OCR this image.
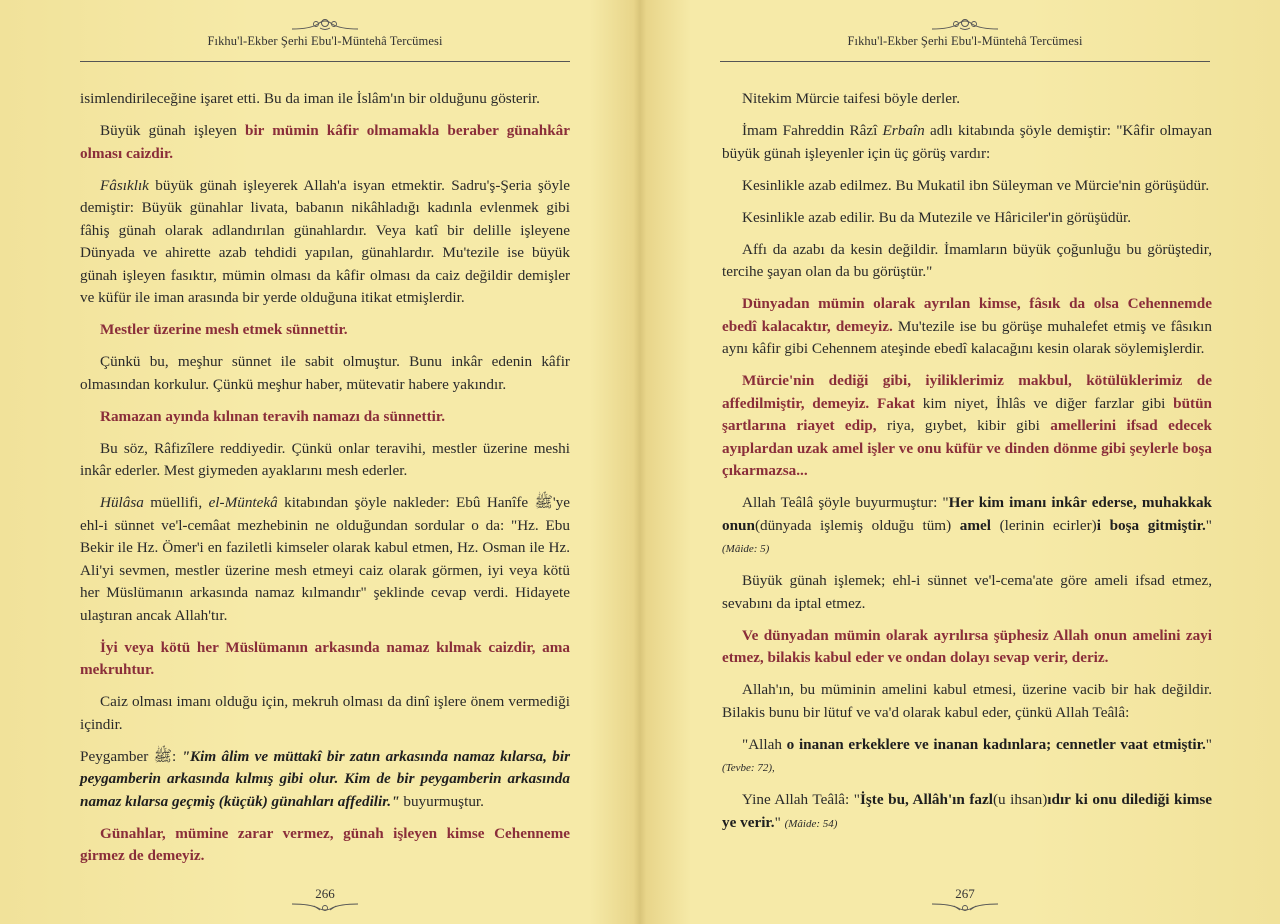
Fıkhu'l-Ekber Şerhi Ebu'l-Müntehâ Tercümesi

isimlendirileceğine işaret etti. Bu da iman ile İslâm'ın bir olduğunu gösterir.

Büyük günah işleyen bir mümin kâfir olmamakla beraber günahkâr olması caizdir.

Fâsıklık büyük günah işleyerek Allah'a isyan etmektir. Sadru'ş-Şeria şöyle demiştir: Büyük günahlar livata, babanın nikâhladığı kadınla evlenmek gibi fâhiş günah olarak adlandırılan günahlardır. Veya katî bir delille işleyene Dünyada ve ahirette azab tehdidi yapılan, günahlardır. Mu'tezile ise büyük günah işleyen fasıktır, mümin olması da kâfir olması da caiz değildir demişler ve küfür ile iman arasında bir yerde olduğuna itikat etmişlerdir.

Mestler üzerine mesh etmek sünnettir.

Çünkü bu, meşhur sünnet ile sabit olmuştur. Bunu inkâr edenin kâfir olmasından korkulur. Çünkü meşhur haber, mütevatir habere yakındır.

Ramazan ayında kılınan teravih namazı da sünnettir.

Bu söz, Râfizîlere reddiyedir. Çünkü onlar teravihi, mestler üzerine meshi inkâr ederler. Mest giymeden ayaklarını mesh ederler.

Hülâsa müellifi, el-Müntekâ kitabından şöyle nakleder: Ebû Hanîfe ﷺ'ye ehl-i sünnet ve'l-cemâat mezhebinin ne olduğundan sordular o da: "Hz. Ebu Bekir ile Hz. Ömer'i en faziletli kimseler olarak kabul etmen, Hz. Osman ile Hz. Ali'yi sevmen, mestler üzerine mesh etmeyi caiz olarak görmen, iyi veya kötü her Müslümanın arkasında namaz kılmandır" şeklinde cevap verdi. Hidayete ulaştıran ancak Allah'tır.

İyi veya kötü her Müslümanın arkasında namaz kılmak caizdir, ama mekruhtur.

Caiz olması imanı olduğu için, mekruh olması da dinî işlere önem vermediği içindir.

Peygamber ﷺ: "Kim âlim ve müttakî bir zatın arkasında namaz kılarsa, bir peygamberin arkasında kılmış gibi olur. Kim de bir peygamberin arkasında namaz kılarsa geçmiş (küçük) günahları affedilir." buyurmuştur.

Günahlar, mümine zarar vermez, günah işleyen kimse Cehenneme girmez de demeyiz.

266
Fıkhu'l-Ekber Şerhi Ebu'l-Müntehâ Tercümesi

Nitekim Mürcie taifesi böyle derler.

İmam Fahreddin Râzî Erbaîn adlı kitabında şöyle demiştir: "Kâfir olmayan büyük günah işleyenler için üç görüş vardır:

Kesinlikle azab edilmez. Bu Mukatil ibn Süleyman ve Mürcie'nin görüşüdür.

Kesinlikle azab edilir. Bu da Mutezile ve Hâriciler'in görüşüdür.

Affı da azabı da kesin değildir. İmamların büyük çoğunluğu bu görüştedir, tercihe şayan olan da bu görüştür."

Dünyadan mümin olarak ayrılan kimse, fâsık da olsa Cehennemde ebedî kalacaktır, demeyiz. Mu'tezile ise bu görüşe muhalefet etmiş ve fâsıkın aynı kâfir gibi Cehennem ateşinde ebedî kalacağını kesin olarak söylemişlerdir.

Mürcie'nin dediği gibi, iyiliklerimiz makbul, kötülüklerimiz de affedilmiştir, demeyiz. Fakat kim niyet, İhlâs ve diğer farzlar gibi bütün şartlarına riayet edip, riya, gıybet, kibir gibi amellerini ifsad edecek ayıplardan uzak amel işler ve onu küfür ve dinden dönme gibi şeylerle boşa çıkarmazsa...

Allah Teâlâ şöyle buyurmuştur: "Her kim imanı inkâr ederse, muhakkak onun(dünyada işlemiş olduğu tüm) amel (lerinin ecirler)i boşa gitmiştir." (Mâide: 5)

Büyük günah işlemek; ehl-i sünnet ve'l-cema'ate göre ameli ifsad etmez, sevabını da iptal etmez.

Ve dünyadan mümin olarak ayrılırsa şüphesiz Allah onun amelini zayi etmez, bilakis kabul eder ve ondan dolayı sevap verir, deriz.

Allah'ın, bu müminin amelini kabul etmesi, üzerine vacib bir hak değildir. Bilakis bunu bir lütuf ve va'd olarak kabul eder, çünkü Allah Teâlâ:

"Allah o inanan erkeklere ve inanan kadınlara; cennetler vaat etmiştir." (Tevbe: 72),

Yine Allah Teâlâ: "İşte bu, Allâh'ın fazl(u ihsan)ıdır ki onu dilediği kimse ye verir." (Mâide: 54)

267
